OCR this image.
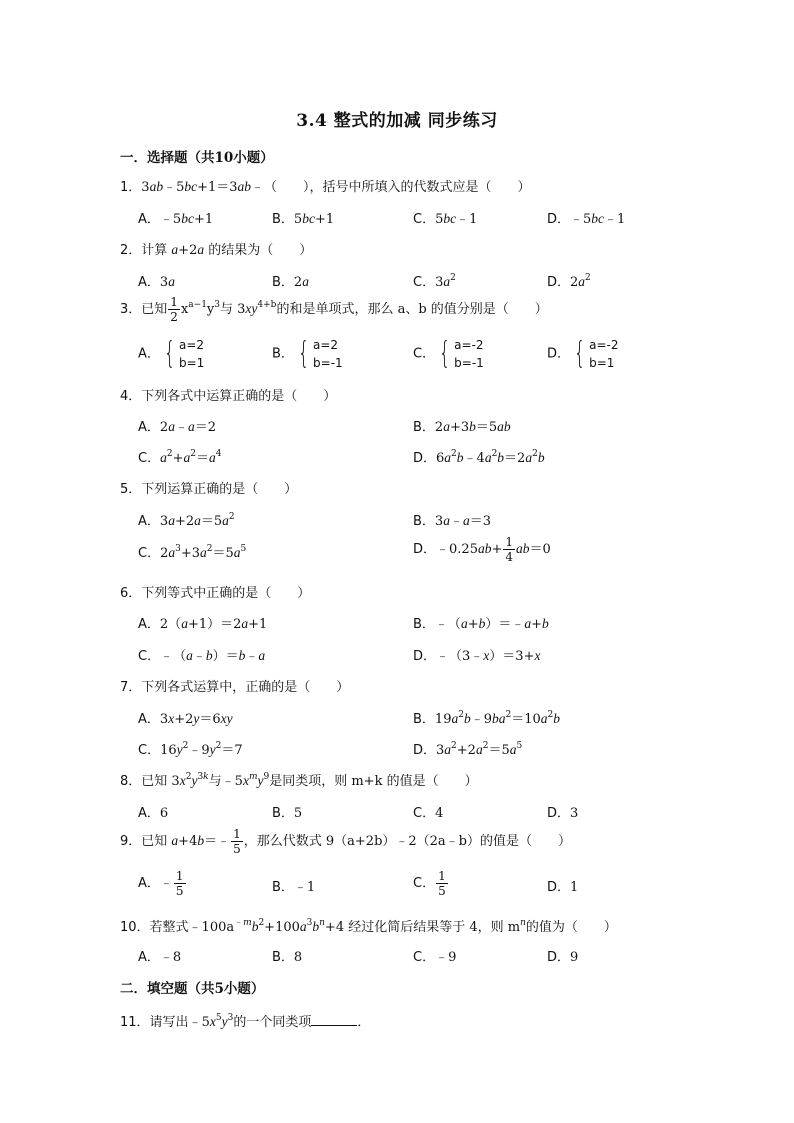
3.4 整式的加减 同步练习
一．选择题（共10小题）
1．3ab﹣5bc+1＝3ab﹣（　　），括号中所填入的代数式应是（　　）
A．﹣5bc+1	B．5bc+1	C．5bc﹣1	D．﹣5bc﹣1
2．计算 a+2a 的结果为（　　）
A．3a	B．2a	C．$3a^2$	D．$2a^2$
3．已知 $\frac{1}{2} x^{a-1}y^3$与 $3xy^{4+b}$的和是单项式，那么 a、b 的值分别是（　　）
A． { a=2
b=1
B． { a=2
b=-1
C． { a=-2
b=-1
D． { a=-2
b=1
4．下列各式中运算正确的是（　　）
A．2a﹣a＝2	B．2a+3b＝5ab
C．$a^2+a^2=a^4$	D．$6a^2b﹣4a^2b=2a^2b$
5．下列运算正确的是（　　）
A．$3a+2a=5a^2$	B．3a﹣a＝3
C．$2a^3+3a^2=5a^5$	D．﹣0.25ab+ $\frac{1}{4} ab=0$
6．下列等式中正确的是（　　）
A．2（a+1）＝2a+1	B．﹣（a+b）＝﹣a+b
C．﹣（a﹣b）＝b﹣a	D．﹣（3﹣x）＝3+x
7．下列各式运算中，正确的是（　　）
A．3x+2y＝6xy	B．$19a^2b﹣9ba^2=10a^2b$
C．$16y^2﹣9y^2=7$	D．$3a^2+2a^2=5a^5$
8．已知 $3x^2y^{3k}$与$﹣5x^my^9$是同类项，则 m+k 的值是（　　）
A．6	B．5	C．4	D．3
9．已知 a+4b＝﹣ $\frac{1}{5}$ ，那么代数式 9（a+2b）﹣2（2a﹣b）的值是（　　）
A．﹣ $\frac{1}{5}$	B．﹣1	C． $\frac{1}{5}$	D．1
10．若整式$﹣100a^{﹣m}b^2+100a^3b^n+4$ 经过化简后结果等于 4，则 $m^n$的值为（　　）
A．﹣8	B．8	C．﹣9	D．9
二．填空题（共5小题）
11．请写出$﹣5x^5y^3$的一个同类项	．
